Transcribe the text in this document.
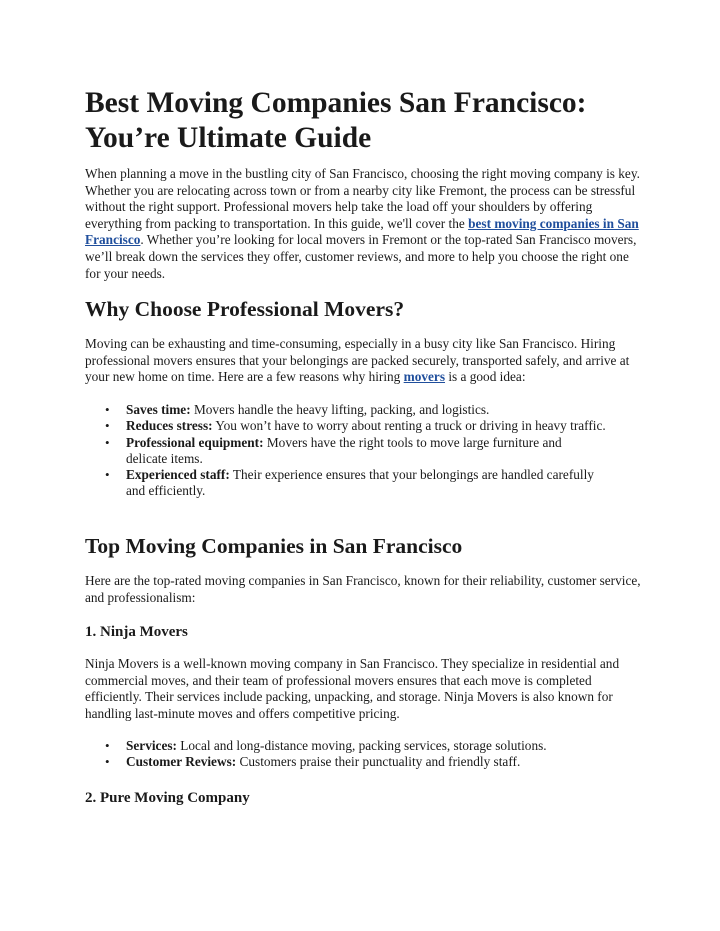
Best Moving Companies San Francisco: You’re Ultimate Guide

When planning a move in the bustling city of San Francisco, choosing the right moving company is key. Whether you are relocating across town or from a nearby city like Fremont, the process can be stressful without the right support. Professional movers help take the load off your shoulders by offering everything from packing to transportation. In this guide, we'll cover the best moving companies in San Francisco. Whether you’re looking for local movers in Fremont or the top-rated San Francisco movers, we’ll break down the services they offer, customer reviews, and more to help you choose the right one for your needs.

Why Choose Professional Movers?

Moving can be exhausting and time-consuming, especially in a busy city like San Francisco. Hiring professional movers ensures that your belongings are packed securely, transported safely, and arrive at your new home on time. Here are a few reasons why hiring movers is a good idea:

• Saves time: Movers handle the heavy lifting, packing, and logistics.
• Reduces stress: You won’t have to worry about renting a truck or driving in heavy traffic.
• Professional equipment: Movers have the right tools to move large furniture and delicate items.
• Experienced staff: Their experience ensures that your belongings are handled carefully and efficiently.
Top Moving Companies in San Francisco

Here are the top-rated moving companies in San Francisco, known for their reliability, customer service, and professionalism:

1. Ninja Movers

Ninja Movers is a well-known moving company in San Francisco. They specialize in residential and commercial moves, and their team of professional movers ensures that each move is completed efficiently. Their services include packing, unpacking, and storage. Ninja Movers is also known for handling last-minute moves and offers competitive pricing.

• Services: Local and long-distance moving, packing services, storage solutions.
• Customer Reviews: Customers praise their punctuality and friendly staff.
2. Pure Moving Company
